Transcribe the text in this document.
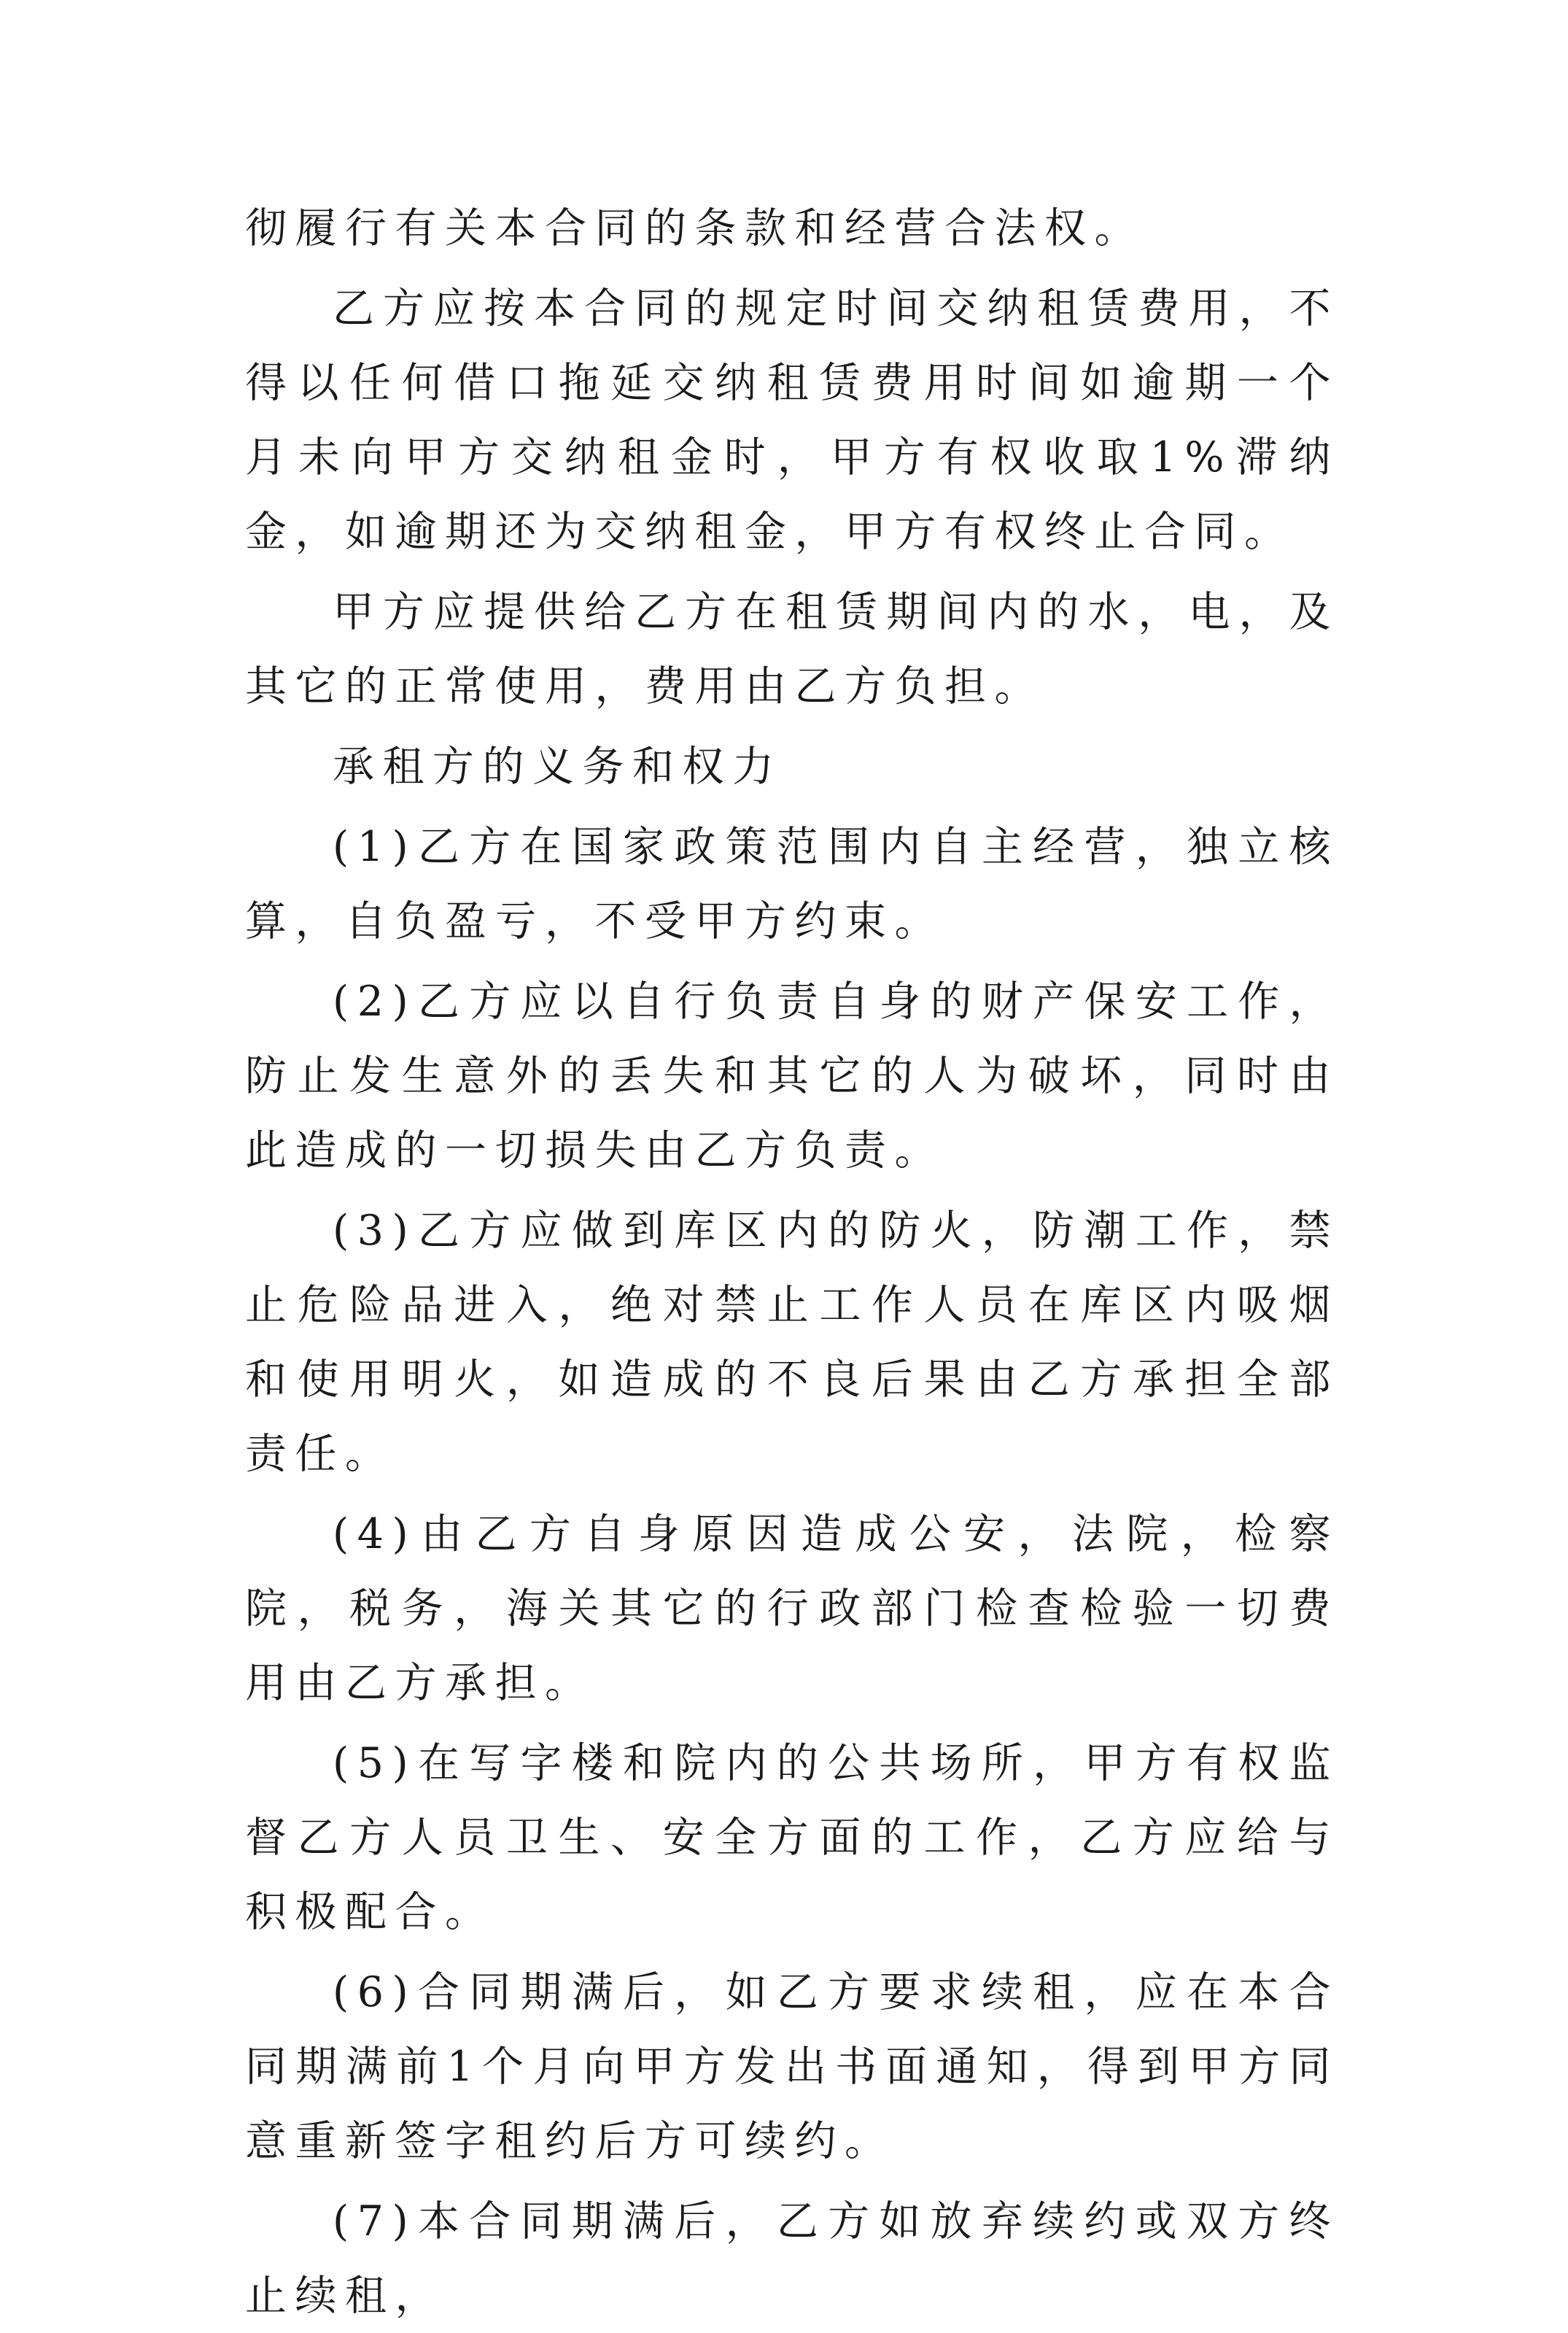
彻履行有关本合同的条款和经营合法权。

乙方应按本合同的规定时间交纳租赁费用，不得以任何借口拖延交纳租赁费用时间如逾期一个月未向甲方交纳租金时，甲方有权收取1%滞纳金，如逾期还为交纳租金，甲方有权终止合同。

甲方应提供给乙方在租赁期间内的水，电，及其它的正常使用，费用由乙方负担。

承租方的义务和权力

(1)乙方在国家政策范围内自主经营，独立核算，自负盈亏，不受甲方约束。

(2)乙方应以自行负责自身的财产保安工作，防止发生意外的丢失和其它的人为破坏，同时由此造成的一切损失由乙方负责。

(3)乙方应做到库区内的防火，防潮工作，禁止危险品进入，绝对禁止工作人员在库区内吸烟和使用明火，如造成的不良后果由乙方承担全部责任。

(4)由乙方自身原因造成公安，法院，检察院，税务，海关其它的行政部门检查检验一切费用由乙方承担。

(5)在写字楼和院内的公共场所，甲方有权监督乙方人员卫生、安全方面的工作，乙方应给与积极配合。

(6)合同期满后，如乙方要求续租，应在本合同期满前1个月向甲方发出书面通知，得到甲方同意重新签字租约后方可续约。

(7)本合同期满后，乙方如放弃续约或双方终止续租，
